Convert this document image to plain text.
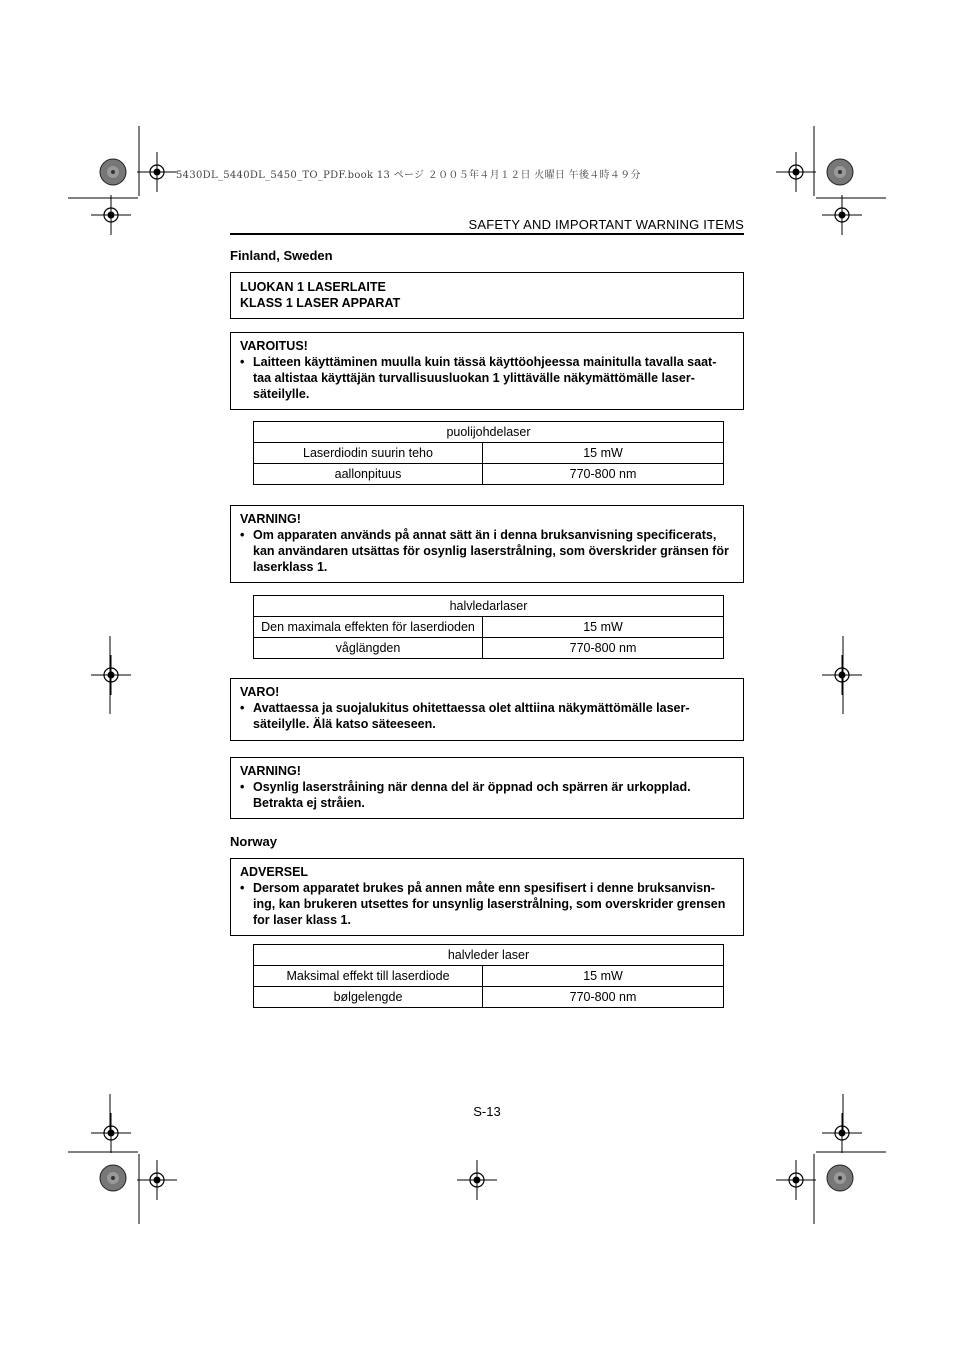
5430DL_5440DL_5450_TO_PDF.book 13 ページ ２００５年４月１２日 火曜日 午後４時４９分
SAFETY AND IMPORTANT WARNING ITEMS
Finland, Sweden
LUOKAN 1 LASERLAITE
KLASS 1 LASER APPARAT
VAROITUS!
• Laitteen käyttäminen muulla kuin tässä käyttöohjeessa mainitulla tavalla saat-taa altistaa käyttäjän turvallisuusluokan 1 ylittävälle näkymättömälle laser-säteilylle.
puolijohdelaser	
Laserdiodin suurin teho	15 mW
aallonpituus	770-800 nm
VARNING!
• Om apparaten används på annat sätt än i denna bruksanvisning specificerats, kan användaren utsättas för osynlig laserstrålning, som överskrider gränsen för laserklass 1.
halvledarlaser	
Den maximala effekten för laserdioden	15 mW
våglängden	770-800 nm
VARO!
• Avattaessa ja suojalukitus ohitettaessa olet alttiina näkymättömälle laser-säteilylle. Älä katso säteeseen.
VARNING!
• Osynlig laserstråining när denna del är öppnad och spärren är urkopplad. Betrakta ej stråien.
Norway
ADVERSEL
• Dersom apparatet brukes på annen måte enn spesifisert i denne bruksanvisn-ing, kan brukeren utsettes for unsynlig laserstrålning, som overskrider grensen for laser klass 1.
halvleder laser	
Maksimal effekt till laserdiode	15 mW
bølgelengde	770-800 nm
S-13
